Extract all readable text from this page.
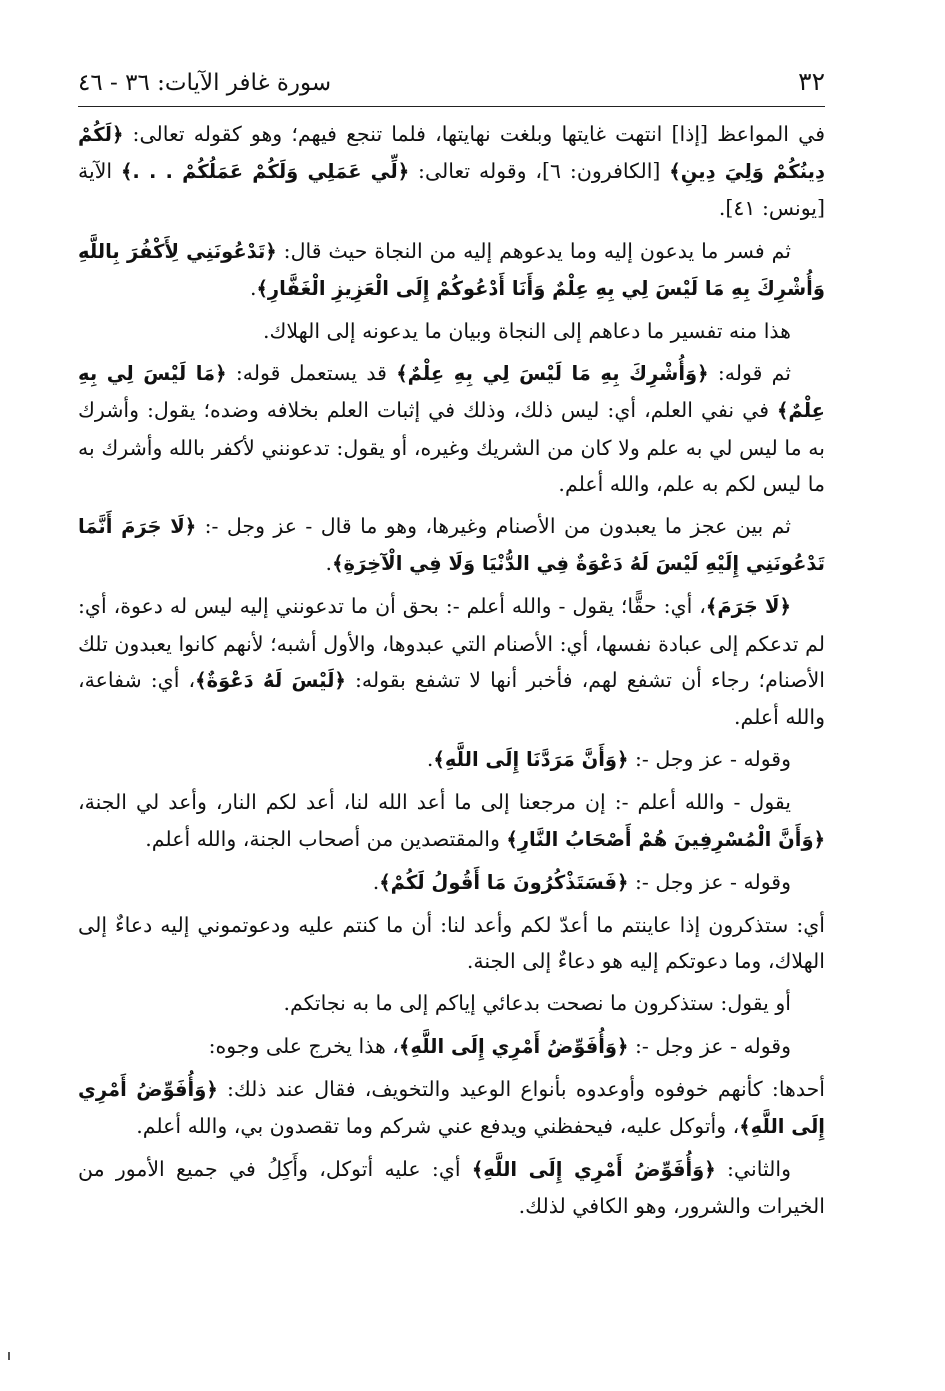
٣٢
سورة غافر الآيات: ٣٦ - ٤٦

في المواعظ [إذا] انتهت غايتها وبلغت نهايتها، فلما تنجع فيهم؛ وهو كقوله تعالى: ﴿لَكُمْ دِينُكُمْ وَلِيَ دِينِ﴾ [الكافرون: ٦]، وقوله تعالى: ﴿لِّي عَمَلِي وَلَكُمْ عَمَلُكُمْ . . .﴾ الآية [يونس: ٤١].

ثم فسر ما يدعون إليه وما يدعوهم إليه من النجاة حيث قال: ﴿تَدْعُونَنِي لِأَكْفُرَ بِاللَّهِ وَأُشْرِكَ بِهِ مَا لَيْسَ لِي بِهِ عِلْمٌ وَأَنَا أَدْعُوكُمْ إِلَى الْعَزِيزِ الْغَفَّارِ﴾.

هذا منه تفسير ما دعاهم إلى النجاة وبيان ما يدعونه إلى الهلاك.

ثم قوله: ﴿وَأُشْرِكَ بِهِ مَا لَيْسَ لِي بِهِ عِلْمٌ﴾ قد يستعمل قوله: ﴿مَا لَيْسَ لِي بِهِ عِلْمٌ﴾ في نفي العلم، أي: ليس ذلك، وذلك في إثبات العلم بخلافه وضده؛ يقول: وأشرك به ما ليس لي به علم ولا كان من الشريك وغيره، أو يقول: تدعونني لأكفر بالله وأشرك به ما ليس لكم به علم، والله أعلم.

ثم بين عجز ما يعبدون من الأصنام وغيرها، وهو ما قال - عز وجل -: ﴿لَا جَرَمَ أَنَّمَا تَدْعُونَنِي إِلَيْهِ لَيْسَ لَهُ دَعْوَةٌ فِي الدُّنْيَا وَلَا فِي الْآخِرَةِ﴾.

﴿لَا جَرَمَ﴾، أي: حقًّا؛ يقول - والله أعلم -: بحق أن ما تدعونني إليه ليس له دعوة، أي: لم تدعكم إلى عبادة نفسها، أي: الأصنام التي عبدوها، والأول أشبه؛ لأنهم كانوا يعبدون تلك الأصنام؛ رجاء أن تشفع لهم، فأخبر أنها لا تشفع بقوله: ﴿لَيْسَ لَهُ دَعْوَةٌ﴾، أي: شفاعة، والله أعلم.

وقوله - عز وجل -: ﴿وَأَنَّ مَرَدَّنَا إِلَى اللَّهِ﴾.

يقول - والله أعلم -: إن مرجعنا إلى ما أعد الله لنا، أعد لكم النار، وأعد لي الجنة، ﴿وَأَنَّ الْمُسْرِفِينَ هُمْ أَصْحَابُ النَّارِ﴾ والمقتصدين من أصحاب الجنة، والله أعلم.

وقوله - عز وجل -: ﴿فَسَتَذْكُرُونَ مَا أَقُولُ لَكُمْ﴾.

أي: ستذكرون إذا عاينتم ما أعدّ لكم وأعد لنا: أن ما كنتم عليه ودعوتموني إليه دعاءٌ إلى الهلاك، وما دعوتكم إليه هو دعاءٌ إلى الجنة.

أو يقول: ستذكرون ما نصحت بدعائي إياكم إلى ما به نجاتكم.

وقوله - عز وجل -: ﴿وَأُفَوِّضُ أَمْرِي إِلَى اللَّهِ﴾، هذا يخرج على وجوه:

أحدها: كأنهم خوفوه وأوعدوه بأنواع الوعيد والتخويف، فقال عند ذلك: ﴿وَأُفَوِّضُ أَمْرِي إِلَى اللَّهِ﴾، وأتوكل عليه، فيحفظني ويدفع عني شركم وما تقصدون بي، والله أعلم.

والثاني: ﴿وَأُفَوِّضُ أَمْرِي إِلَى اللَّهِ﴾ أي: عليه أتوكل، وأَكِلُ في جميع الأمور من الخيرات والشرور، وهو الكافي لذلك.
